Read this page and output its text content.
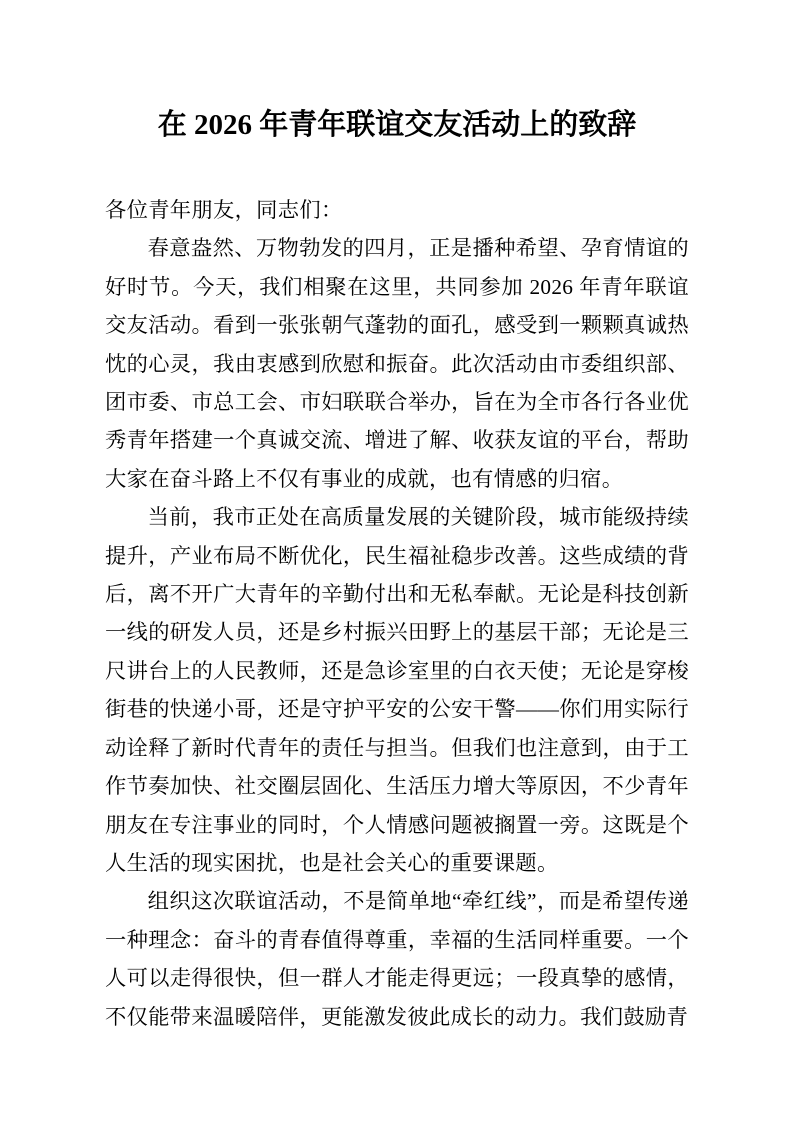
在 2026 年青年联谊交友活动上的致辞

各位青年朋友，同志们：

春意盎然、万物勃发的四月，正是播种希望、孕育情谊的好时节。今天，我们相聚在这里，共同参加 2026 年青年联谊交友活动。看到一张张朝气蓬勃的面孔，感受到一颗颗真诚热忱的心灵，我由衷感到欣慰和振奋。此次活动由市委组织部、团市委、市总工会、市妇联联合举办，旨在为全市各行各业优秀青年搭建一个真诚交流、增进了解、收获友谊的平台，帮助大家在奋斗路上不仅有事业的成就，也有情感的归宿。

当前，我市正处在高质量发展的关键阶段，城市能级持续提升，产业布局不断优化，民生福祉稳步改善。这些成绩的背后，离不开广大青年的辛勤付出和无私奉献。无论是科技创新一线的研发人员，还是乡村振兴田野上的基层干部；无论是三尺讲台上的人民教师，还是急诊室里的白衣天使；无论是穿梭街巷的快递小哥，还是守护平安的公安干警——你们用实际行动诠释了新时代青年的责任与担当。但我们也注意到，由于工作节奏加快、社交圈层固化、生活压力增大等原因，不少青年朋友在专注事业的同时，个人情感问题被搁置一旁。这既是个人生活的现实困扰，也是社会关心的重要课题。

组织这次联谊活动，不是简单地“牵红线”，而是希望传递一种理念：奋斗的青春值得尊重，幸福的生活同样重要。一个人可以走得很快，但一群人才能走得更远；一段真挚的感情，不仅能带来温暖陪伴，更能激发彼此成长的动力。我们鼓励青
